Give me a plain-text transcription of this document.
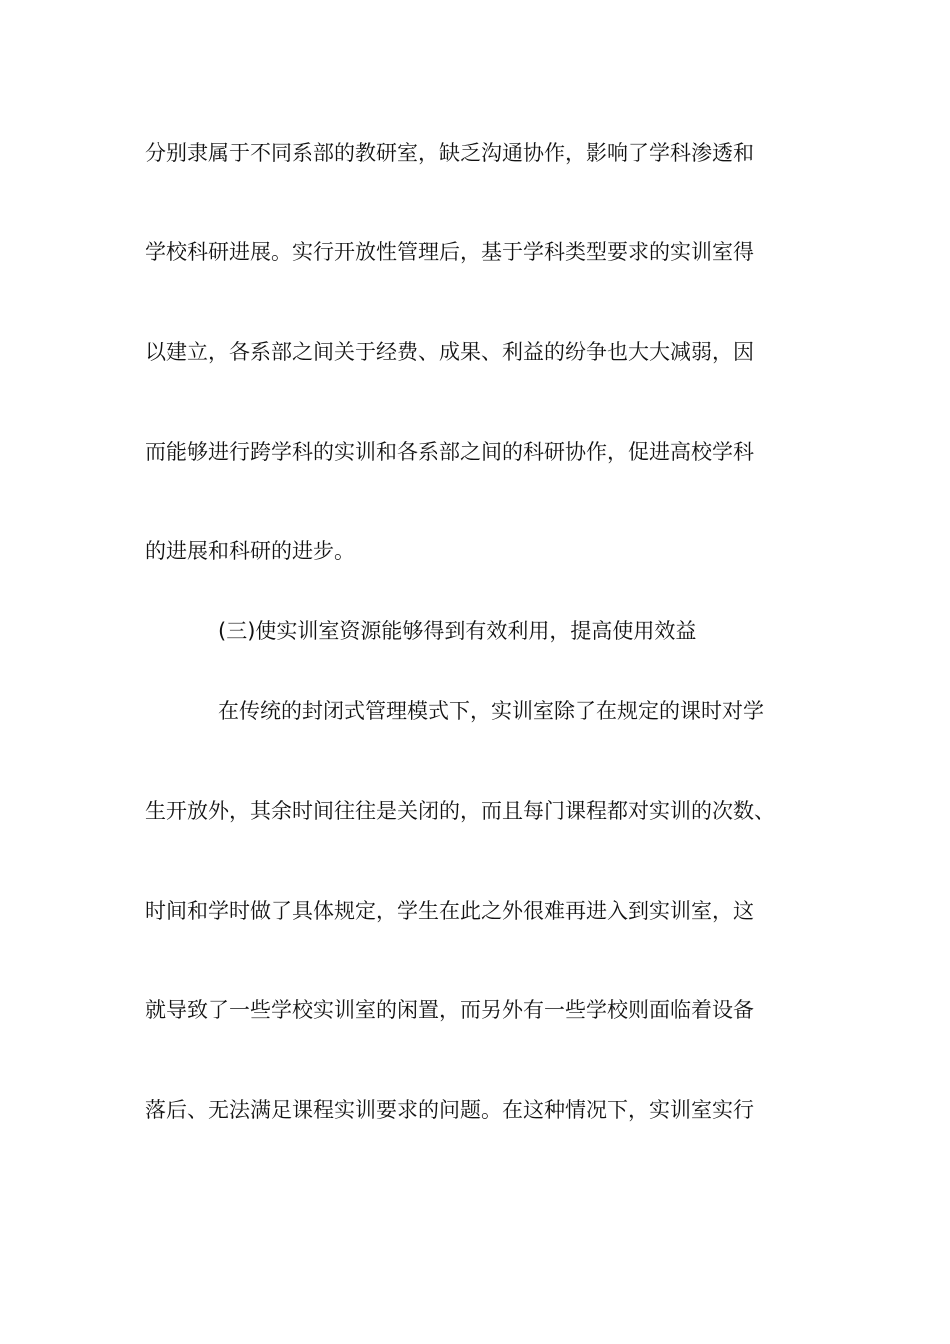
分别隶属于不同系部的教研室，缺乏沟通协作，影响了学科渗透和

学校科研进展。实行开放性管理后，基于学科类型要求的实训室得

以建立，各系部之间关于经费、成果、利益的纷争也大大减弱，因

而能够进行跨学科的实训和各系部之间的科研协作，促进高校学科

的进展和科研的进步。

(三)使实训室资源能够得到有效利用，提高使用效益

在传统的封闭式管理模式下，实训室除了在规定的课时对学

生开放外，其余时间往往是关闭的，而且每门课程都对实训的次数、

时间和学时做了具体规定，学生在此之外很难再进入到实训室，这

就导致了一些学校实训室的闲置，而另外有一些学校则面临着设备

落后、无法满足课程实训要求的问题。在这种情况下，实训室实行
